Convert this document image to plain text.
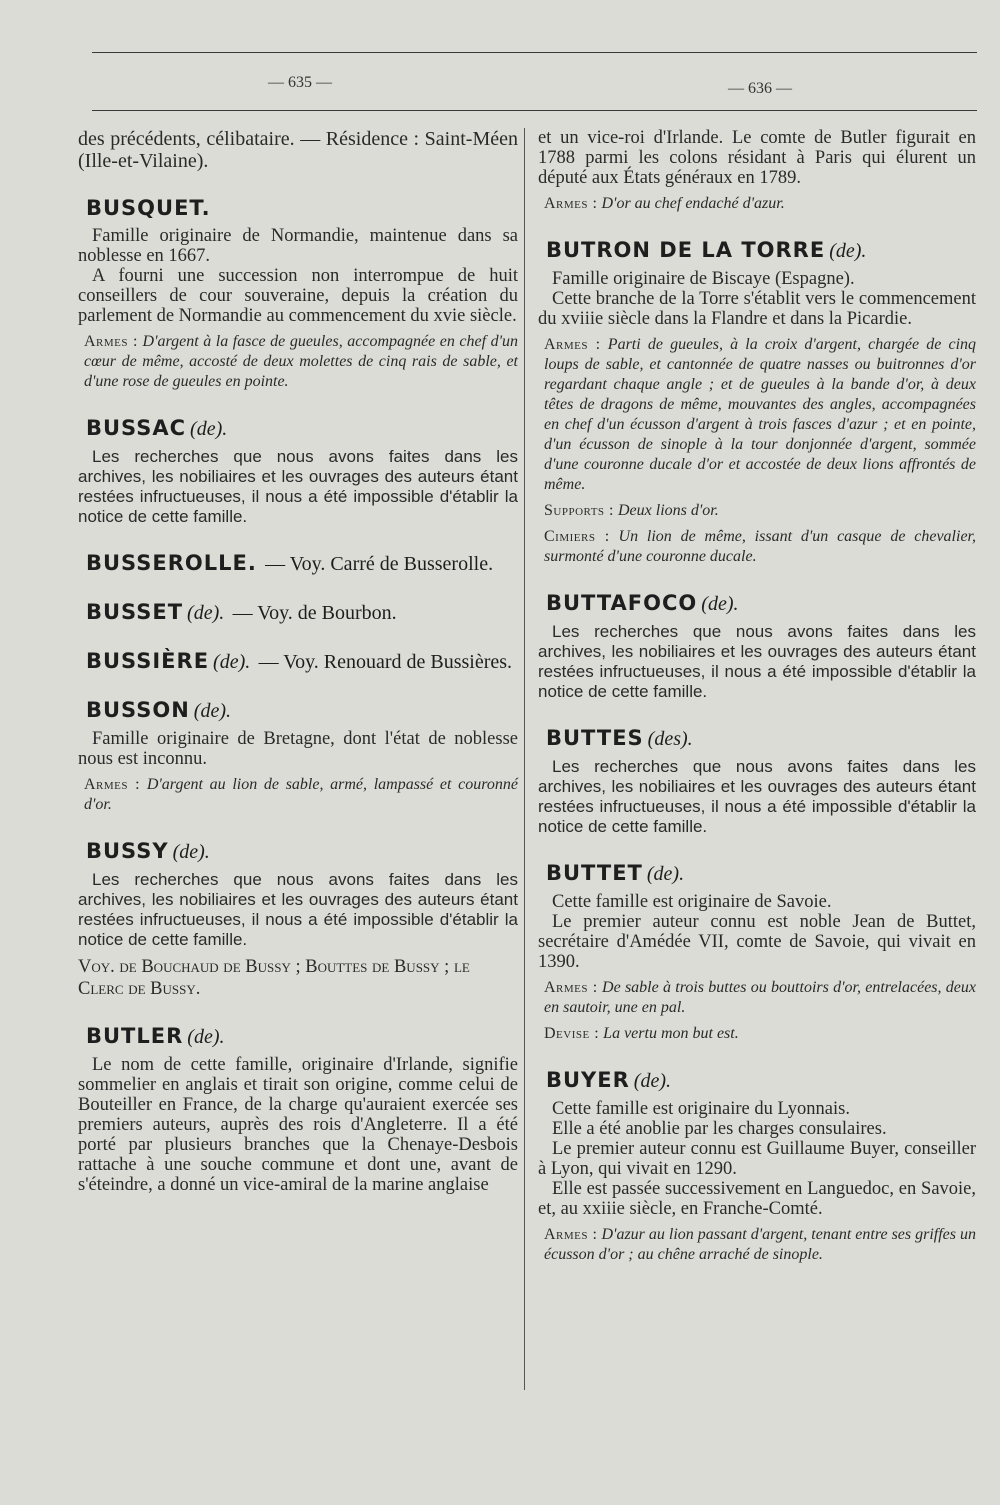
— 635 —	— 636 —

des précédents, célibataire. — Résidence : Saint-Méen (Ille-et-Vilaine).

BUSQUET.

Famille originaire de Normandie, maintenue dans sa noblesse en 1667.

A fourni une succession non interrompue de huit conseillers de cour souveraine, depuis la création du parlement de Normandie au commencement du xvie siècle.

Armes : D'argent à la fasce de gueules, accompagnée en chef d'un cœur de même, accosté de deux molettes de cinq rais de sable, et d'une rose de gueules en pointe.
BUSSAC (de).

Les recherches que nous avons faites dans les archives, les nobiliaires et les ouvrages des auteurs étant restées infructueuses, il nous a été impossible d'établir la notice de cette famille.

BUSSEROLLE. — Voy. Carré de Busserolle.
BUSSET (de). — Voy. de Bourbon.
BUSSIÈRE (de). — Voy. Renouard de Bussières.
BUSSON (de).

Famille originaire de Bretagne, dont l'état de noblesse nous est inconnu.

Armes : D'argent au lion de sable, armé, lampassé et couronné d'or.
BUSSY (de).

Les recherches que nous avons faites dans les archives, les nobiliaires et les ouvrages des auteurs étant restées infructueuses, il nous a été impossible d'établir la notice de cette famille.

Voy. de Bouchaud de Bussy ; Bouttes de Bussy ; le Clerc de Bussy.
BUTLER (de).

Le nom de cette famille, originaire d'Irlande, signifie sommelier en anglais et tirait son origine, comme celui de Bouteiller en France, de la charge qu'auraient exercée ses premiers auteurs, auprès des rois d'Angleterre. Il a été porté par plusieurs branches que la Chenaye-Desbois rattache à une souche commune et dont une, avant de s'éteindre, a donné un vice-amiral de la marine anglaise

et un vice-roi d'Irlande. Le comte de Butler figurait en 1788 parmi les colons résidant à Paris qui élurent un député aux États généraux en 1789.

Armes : D'or au chef endaché d'azur.
BUTRON DE LA TORRE (de).

Famille originaire de Biscaye (Espagne).

Cette branche de la Torre s'établit vers le commencement du xviiie siècle dans la Flandre et dans la Picardie.

Armes : Parti de gueules, à la croix d'argent, chargée de cinq loups de sable, et cantonnée de quatre nasses ou buitronnes d'or regardant chaque angle ; et de gueules à la bande d'or, à deux têtes de dragons de même, mouvantes des angles, accompagnées en chef d'un écusson d'argent à trois fasces d'azur ; et en pointe, d'un écusson de sinople à la tour donjonnée d'argent, sommée d'une couronne ducale d'or et accostée de deux lions affrontés de même.
Supports : Deux lions d'or.
Cimiers : Un lion de même, issant d'un casque de chevalier, surmonté d'une couronne ducale.
BUTTAFOCO (de).

Les recherches que nous avons faites dans les archives, les nobiliaires et les ouvrages des auteurs étant restées infructueuses, il nous a été impossible d'établir la notice de cette famille.

BUTTES (des).

Les recherches que nous avons faites dans les archives, les nobiliaires et les ouvrages des auteurs étant restées infructueuses, il nous a été impossible d'établir la notice de cette famille.

BUTTET (de).

Cette famille est originaire de Savoie.

Le premier auteur connu est noble Jean de Buttet, secrétaire d'Amédée VII, comte de Savoie, qui vivait en 1390.

Armes : De sable à trois buttes ou bouttoirs d'or, entrelacées, deux en sautoir, une en pal.
Devise : La vertu mon but est.
BUYER (de).

Cette famille est originaire du Lyonnais.

Elle a été anoblie par les charges consulaires.

Le premier auteur connu est Guillaume Buyer, conseiller à Lyon, qui vivait en 1290.

Elle est passée successivement en Languedoc, en Savoie, et, au xxiiie siècle, en Franche-Comté.

Armes : D'azur au lion passant d'argent, tenant entre ses griffes un écusson d'or ; au chêne arraché de sinople.
